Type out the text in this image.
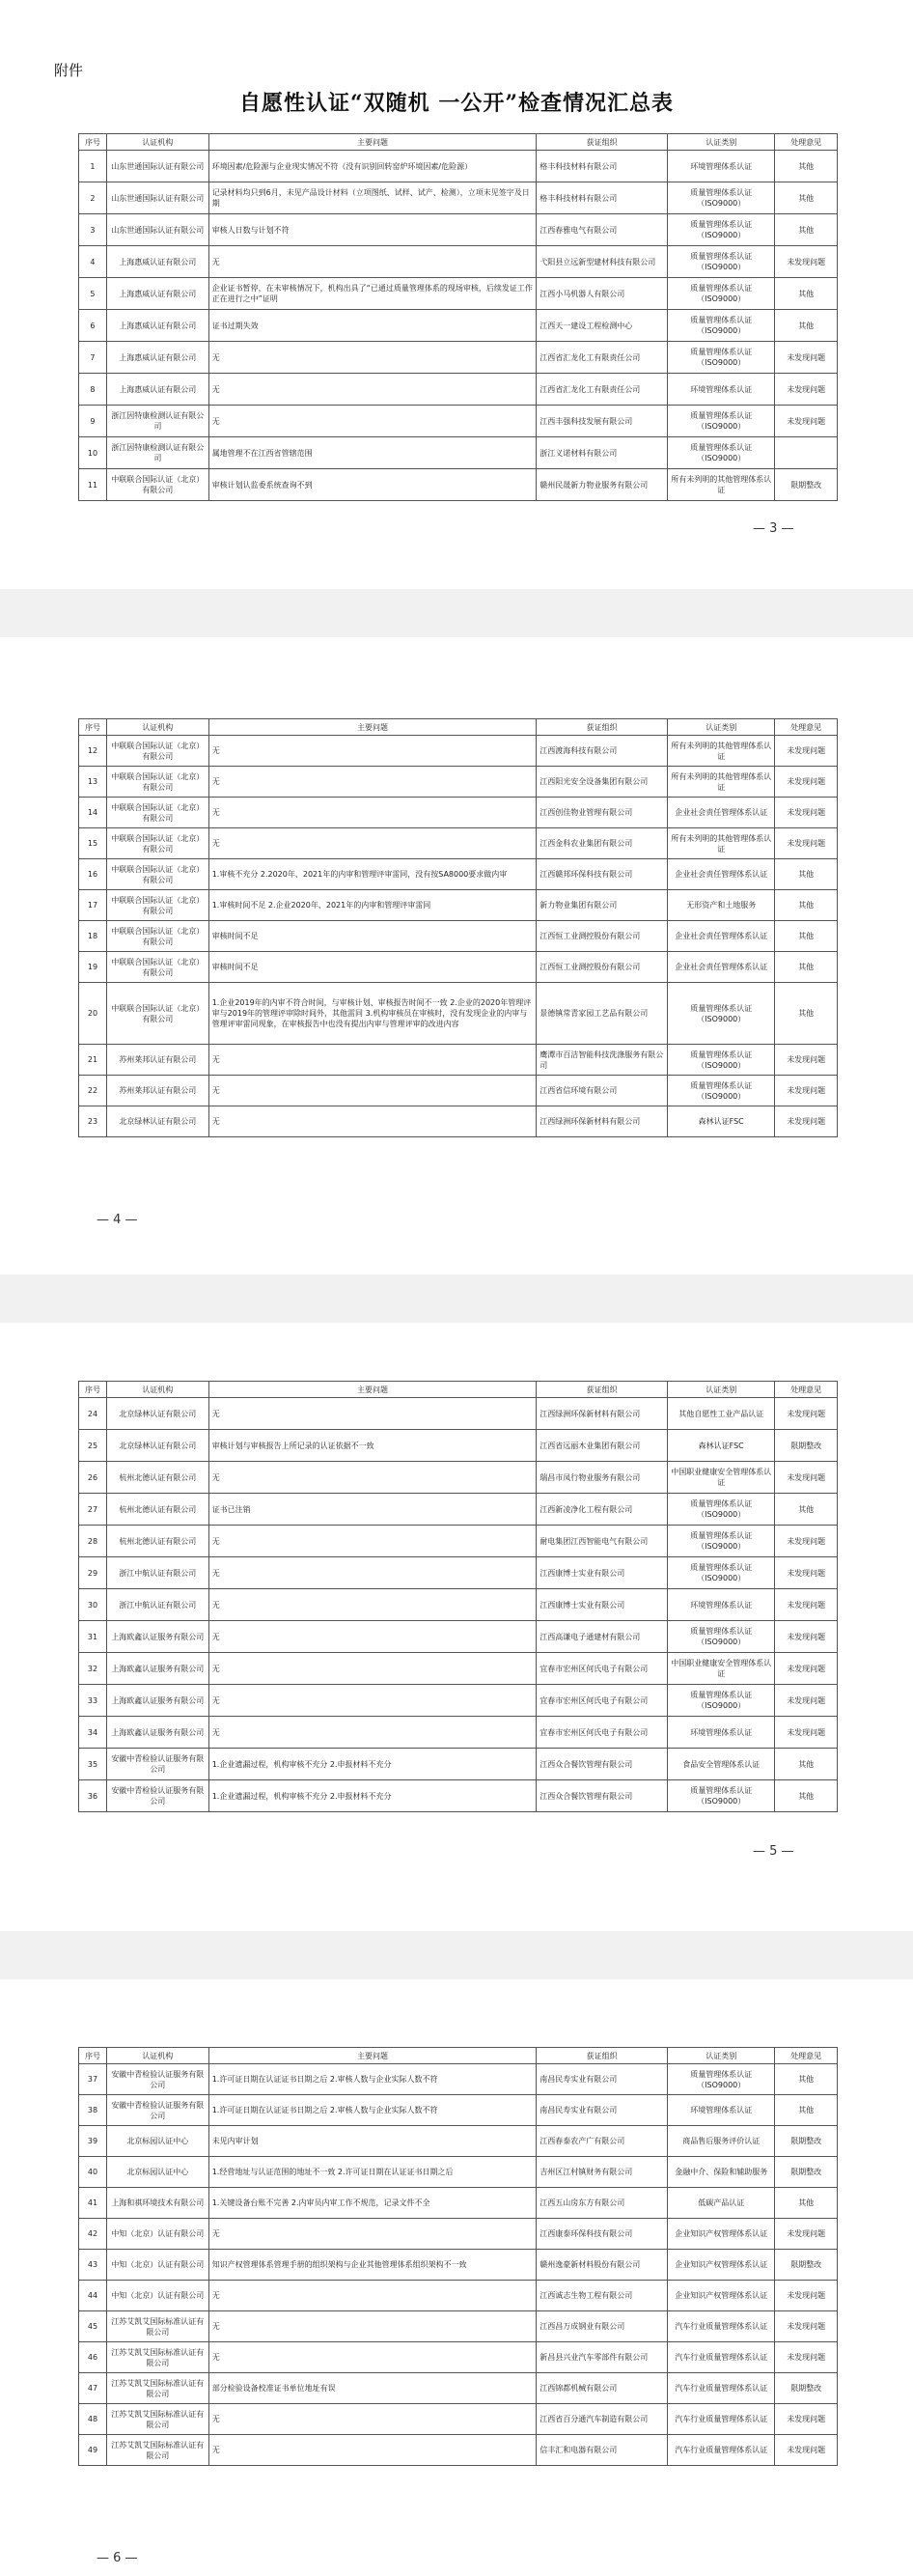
附件
自愿性认证“双随机 一公开”检查情况汇总表
序号	认证机构	主要问题	获证组织	认证类别	处理意见
1	山东世通国际认证有限公司	环境因素/危险源与企业现实情况不符（没有识别回转窑炉环境因素/危险源）	格丰科技材料有限公司	环境管理体系认证	其他
2	山东世通国际认证有限公司	记录材料均只到6月，未见产品设计材料（立项图纸、试样、试产、检测），立项未见签字及日期	格丰科技材料有限公司	质量管理体系认证（ISO9000）	其他
3	山东世通国际认证有限公司	审核人日数与计划不符	江西春雅电气有限公司	质量管理体系认证（ISO9000）	其他
4	上海惠威认证有限公司	无	弋阳县立远新型建材科技有限公司	质量管理体系认证（ISO9000）	未发现问题
5	上海惠威认证有限公司	企业证书暂停，在未审核情况下，机构出具了“已通过质量管理体系的现场审核，后续发证工作正在进行之中”证明	江西小马机器人有限公司	质量管理体系认证（ISO9000）	其他
6	上海惠威认证有限公司	证书过期失效	江西天一建设工程检测中心	质量管理体系认证（ISO9000）	其他
7	上海惠威认证有限公司	无	江西省汇龙化工有限责任公司	质量管理体系认证（ISO9000）	未发现问题
8	上海惠威认证有限公司	无	江西省汇龙化工有限责任公司	环境管理体系认证	未发现问题
9	浙江因特康检测认证有限公司	无	江西丰强科技发展有限公司	质量管理体系认证（ISO9000）	未发现问题
10	浙江因特康检测认证有限公司	属地管理不在江西省管辖范围	浙江义诺材料有限公司	质量管理体系认证（ISO9000）	
11	中联联合国际认证（北京）有限公司	审核计划认监委系统查询不到	赣州民晟新力物业服务有限公司	所有未列明的其他管理体系认证	限期整改
— 3 —
序号	认证机构	主要问题	获证组织	认证类别	处理意见
12	中联联合国际认证（北京）有限公司	无	江西渡海科技有限公司	所有未列明的其他管理体系认证	未发现问题
13	中联联合国际认证（北京）有限公司	无	江西阳光安全设备集团有限公司	所有未列明的其他管理体系认证	未发现问题
14	中联联合国际认证（北京）有限公司	无	江西创佳物业管理有限公司	企业社会责任管理体系认证	未发现问题
15	中联联合国际认证（北京）有限公司	无	江西金科农业集团有限公司	所有未列明的其他管理体系认证	未发现问题
16	中联联合国际认证（北京）有限公司	1.审核不充分 2.2020年、2021年的内审和管理评审雷同，没有按SA8000要求做内审	江西赣邦环保科技有限公司	企业社会责任管理体系认证	其他
17	中联联合国际认证（北京）有限公司	1.审核时间不足 2.企业2020年、2021年的内审和管理评审雷同	新力物业集团有限公司	无形资产和土地服务	其他
18	中联联合国际认证（北京）有限公司	审核时间不足	江西恒工业测控股份有限公司	企业社会责任管理体系认证	其他
19	中联联合国际认证（北京）有限公司	审核时间不足	江西恒工业测控股份有限公司	企业社会责任管理体系认证	其他
20	中联联合国际认证（北京）有限公司	1.企业2019年的内审不符合时间，与审核计划、审核报告时间不一致 2.企业的2020年管理评审与2019年的管理评审除时间外，其他雷同 3.机构审核员在审核时，没有发现企业的内审与管理评审雷同现象，在审核报告中也没有提出内审与管理评审的改进内容	景德镇常青家园工艺品有限公司	质量管理体系认证（ISO9000）	其他
21	苏州莱邦认证有限公司	无	鹰潭市百洁智能科技洗涤服务有限公司	质量管理体系认证（ISO9000）	未发现问题
22	苏州莱邦认证有限公司	无	江西省信环境有限公司	质量管理体系认证（ISO9000）	未发现问题
23	北京绿林认证有限公司	无	江西绿洲环保新材料有限公司	森林认证FSC	未发现问题
— 4 —
序号	认证机构	主要问题	获证组织	认证类别	处理意见
24	北京绿林认证有限公司	无	江西绿洲环保新材料有限公司	其他自愿性工业产品认证	未发现问题
25	北京绿林认证有限公司	审核计划与审核报告上所记录的认证依据不一致	江西省远丽木业集团有限公司	森林认证FSC	限期整改
26	杭州北德认证有限公司	无	瑞昌市凤行物业服务有限公司	中国职业健康安全管理体系认证	未发现问题
27	杭州北德认证有限公司	证书已注销	江西新凌净化工程有限公司	质量管理体系认证（ISO9000）	其他
28	杭州北德认证有限公司	无	耐电集团江西智能电气有限公司	质量管理体系认证（ISO9000）	未发现问题
29	浙江中航认证有限公司	无	江西康博士实业有限公司	质量管理体系认证（ISO9000）	未发现问题
30	浙江中航认证有限公司	无	江西康博士实业有限公司	环境管理体系认证	未发现问题
31	上海欧鑫认证服务有限公司	无	江西高谦电子通建材有限公司	质量管理体系认证（ISO9000）	未发现问题
32	上海欧鑫认证服务有限公司	无	宜春市宏州区何氏电子有限公司	中国职业健康安全管理体系认证	未发现问题
33	上海欧鑫认证服务有限公司	无	宜春市宏州区何氏电子有限公司	质量管理体系认证（ISO9000）	未发现问题
34	上海欧鑫认证服务有限公司	无	宜春市宏州区何氏电子有限公司	环境管理体系认证	未发现问题
35	安徽中青检验认证服务有限公司	1.企业遗漏过程，机构审核不充分 2.申报材料不充分	江西众合餐饮管理有限公司	食品安全管理体系认证	其他
36	安徽中青检验认证服务有限公司	1.企业遗漏过程，机构审核不充分 2.申报材料不充分	江西众合餐饮管理有限公司	质量管理体系认证（ISO9000）	其他
— 5 —
序号	认证机构	主要问题	获证组织	认证类别	处理意见
37	安徽中青检验认证服务有限公司	1.许可证日期在认证证书日期之后 2.审核人数与企业实际人数不符	南昌民寿实业有限公司	质量管理体系认证（ISO9000）	其他
38	安徽中青检验认证服务有限公司	1.许可证日期在认证证书日期之后 2.审核人数与企业实际人数不符	南昌民寿实业有限公司	环境管理体系认证	其他
39	北京标园认证中心	未见内审计划	江西春泰农产广有限公司	商品售后服务评价认证	限期整改
40	北京标园认证中心	1.经营地址与认证范围的地址不一致 2.许可证日期在认证证书日期之后	吉州区江村镇财务有限公司	金融中介、保险和辅助服务	限期整改
41	上海和祺环境技术有限公司	1.关键设备台账不完善 2.内审员内审工作不规范，记录文件不全	江西五山房东方有限公司	低碳产品认证	其他
42	中知（北京）认证有限公司	无	江西康泰环保科技有限公司	企业知识产权管理体系认证	未发现问题
43	中知（北京）认证有限公司	知识产权管理体系管理手册的组织架构与企业其他管理体系组织架构不一致	赣州逸豪新材料股份有限公司	企业知识产权管理体系认证	限期整改
44	中知（北京）认证有限公司	无	江西诚志生物工程有限公司	企业知识产权管理体系认证	未发现问题
45	江苏艾凯艾国际标准认证有限公司	无	江西昌万成钢业有限公司	汽车行业质量管理体系认证	未发现问题
46	江苏艾凯艾国际标准认证有限公司	无	新昌县兴业汽车零部件有限公司	汽车行业质量管理体系认证	未发现问题
47	江苏艾凯艾国际标准认证有限公司	部分检验设备校准证书单位地址有误	江西锦都机械有限公司	汽车行业质量管理体系认证	限期整改
48	江苏艾凯艾国际标准认证有限公司	无	江西省百分通汽车制造有限公司	汽车行业质量管理体系认证	未发现问题
49	江苏艾凯艾国际标准认证有限公司	无	信丰汇和电器有限公司	汽车行业质量管理体系认证	未发现问题
— 6 —
